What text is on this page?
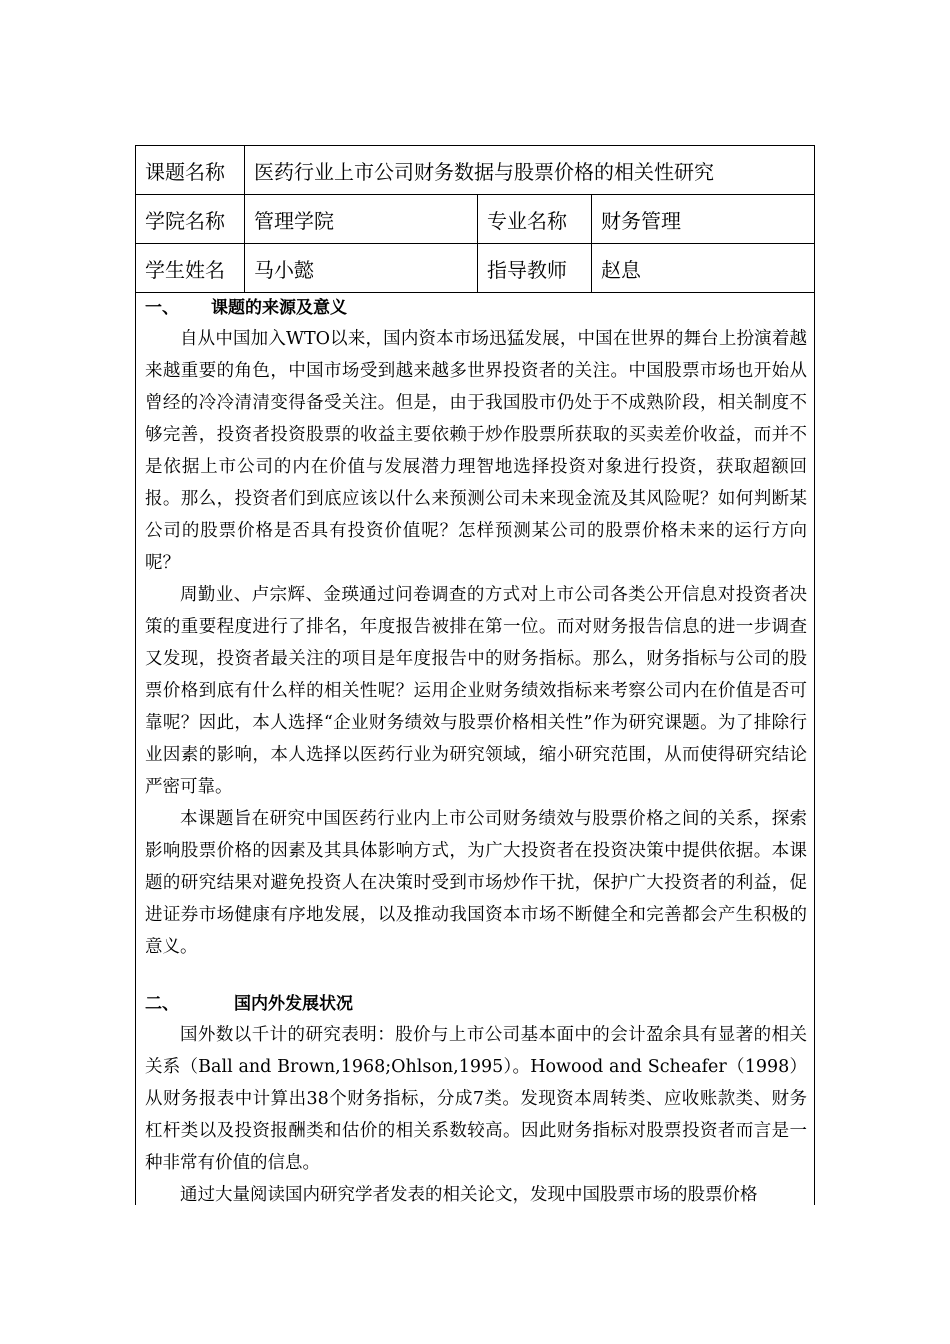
课题名称	医药行业上市公司财务数据与股票价格的相关性研究
学院名称	管理学院	专业名称	财务管理
学生姓名	马小懿	指导教师	赵息
一、 课题的来源及意义

自从中国加入WTO以来，国内资本市场迅猛发展，中国在世界的舞台上扮演着越来越重要的角色，中国市场受到越来越多世界投资者的关注。中国股票市场也开始从曾经的冷冷清清变得备受关注。但是，由于我国股市仍处于不成熟阶段，相关制度不够完善，投资者投资股票的收益主要依赖于炒作股票所获取的买卖差价收益，而并不是依据上市公司的内在价值与发展潜力理智地选择投资对象进行投资，获取超额回报。那么，投资者们到底应该以什么来预测公司未来现金流及其风险呢？如何判断某公司的股票价格是否具有投资价值呢？怎样预测某公司的股票价格未来的运行方向呢？

周勤业、卢宗辉、金瑛通过问卷调查的方式对上市公司各类公开信息对投资者决策的重要程度进行了排名，年度报告被排在第一位。而对财务报告信息的进一步调查又发现，投资者最关注的项目是年度报告中的财务指标。那么，财务指标与公司的股票价格到底有什么样的相关性呢？运用企业财务绩效指标来考察公司内在价值是否可靠呢？因此，本人选择“企业财务绩效与股票价格相关性”作为研究课题。为了排除行业因素的影响，本人选择以医药行业为研究领域，缩小研究范围，从而使得研究结论严密可靠。

本课题旨在研究中国医药行业内上市公司财务绩效与股票价格之间的关系，探索影响股票价格的因素及其具体影响方式，为广大投资者在投资决策中提供依据。本课题的研究结果对避免投资人在决策时受到市场炒作干扰，保护广大投资者的利益，促进证券市场健康有序地发展，以及推动我国资本市场不断健全和完善都会产生积极的意义。

二、	国内外发展状况

国外数以千计的研究表明：股价与上市公司基本面中的会计盈余具有显著的相关关系（Ball and Brown,1968;Ohlson,1995）。Howood and Scheafer（1998）从财务报表中计算出38个财务指标，分成7类。发现资本周转类、应收账款类、财务杠杆类以及投资报酬类和估价的相关系数较高。因此财务指标对股票投资者而言是一种非常有价值的信息。

通过大量阅读国内研究学者发表的相关论文，发现中国股票市场的股票价格
